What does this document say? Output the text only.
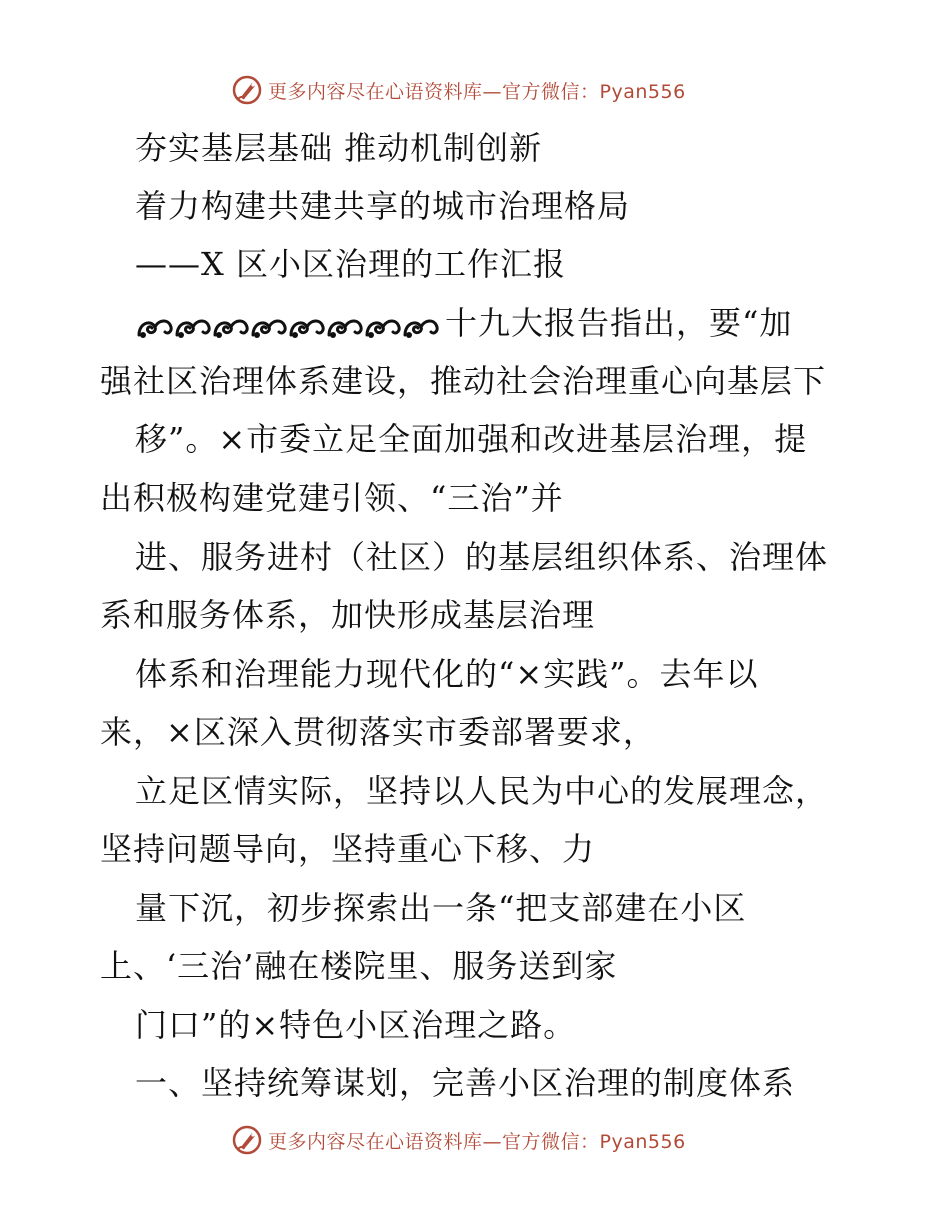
更多内容尽在心语资料库—官方微信：Pyan556
夯实基层基础 推动机制创新
着力构建共建共享的城市治理格局
——X 区小区治理的工作汇报
十九大报告指出，要“加
强社区治理体系建设，推动社会治理重心向基层下
移”。×市委立足全面加强和改进基层治理，提
出积极构建党建引领、“三治”并
进、服务进村（社区）的基层组织体系、治理体
系和服务体系，加快形成基层治理
体系和治理能力现代化的“×实践”。去年以
来，×区深入贯彻落实市委部署要求，
立足区情实际，坚持以人民为中心的发展理念，
坚持问题导向，坚持重心下移、力
量下沉，初步探索出一条“把支部建在小区
上、‘三治’融在楼院里、服务送到家
门口”的×特色小区治理之路。
一、坚持统筹谋划，完善小区治理的制度体系
更多内容尽在心语资料库—官方微信：Pyan556
